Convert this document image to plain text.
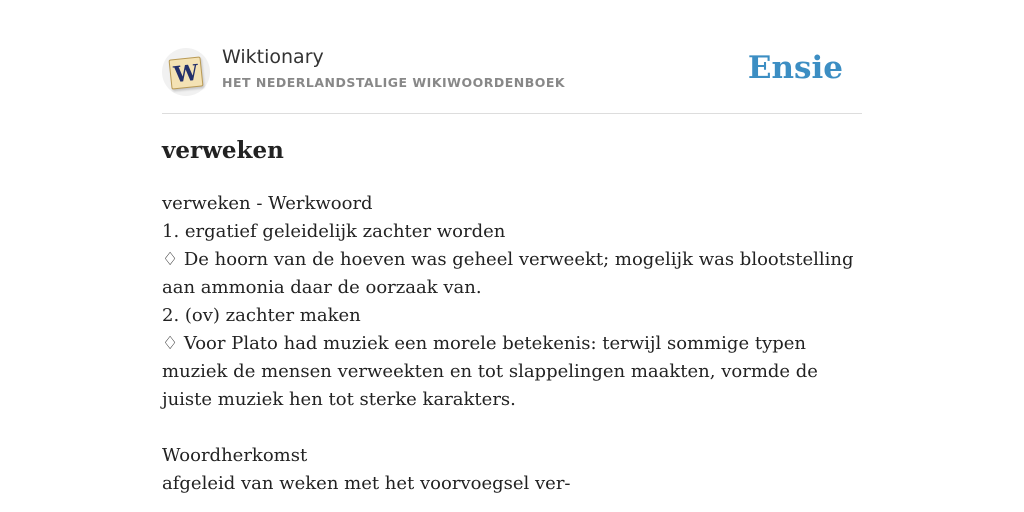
W
Wiktionary
HET NEDERLANDSTALIGE WIKIWOORDENBOEK	Ensie
verweken
verweken - Werkwoord
1. ergatief geleidelijk zachter worden
♢ De hoorn van de hoeven was geheel verweekt; mogelijk was blootstelling aan ammonia daar de oorzaak van.
2. (ov) zachter maken
♢ Voor Plato had muziek een morele betekenis: terwijl sommige typen muziek de mensen verweekten en tot slappelingen maakten, vormde de juiste muziek hen tot sterke karakters.
Woordherkomst
afgeleid van weken met het voorvoegsel ver-
